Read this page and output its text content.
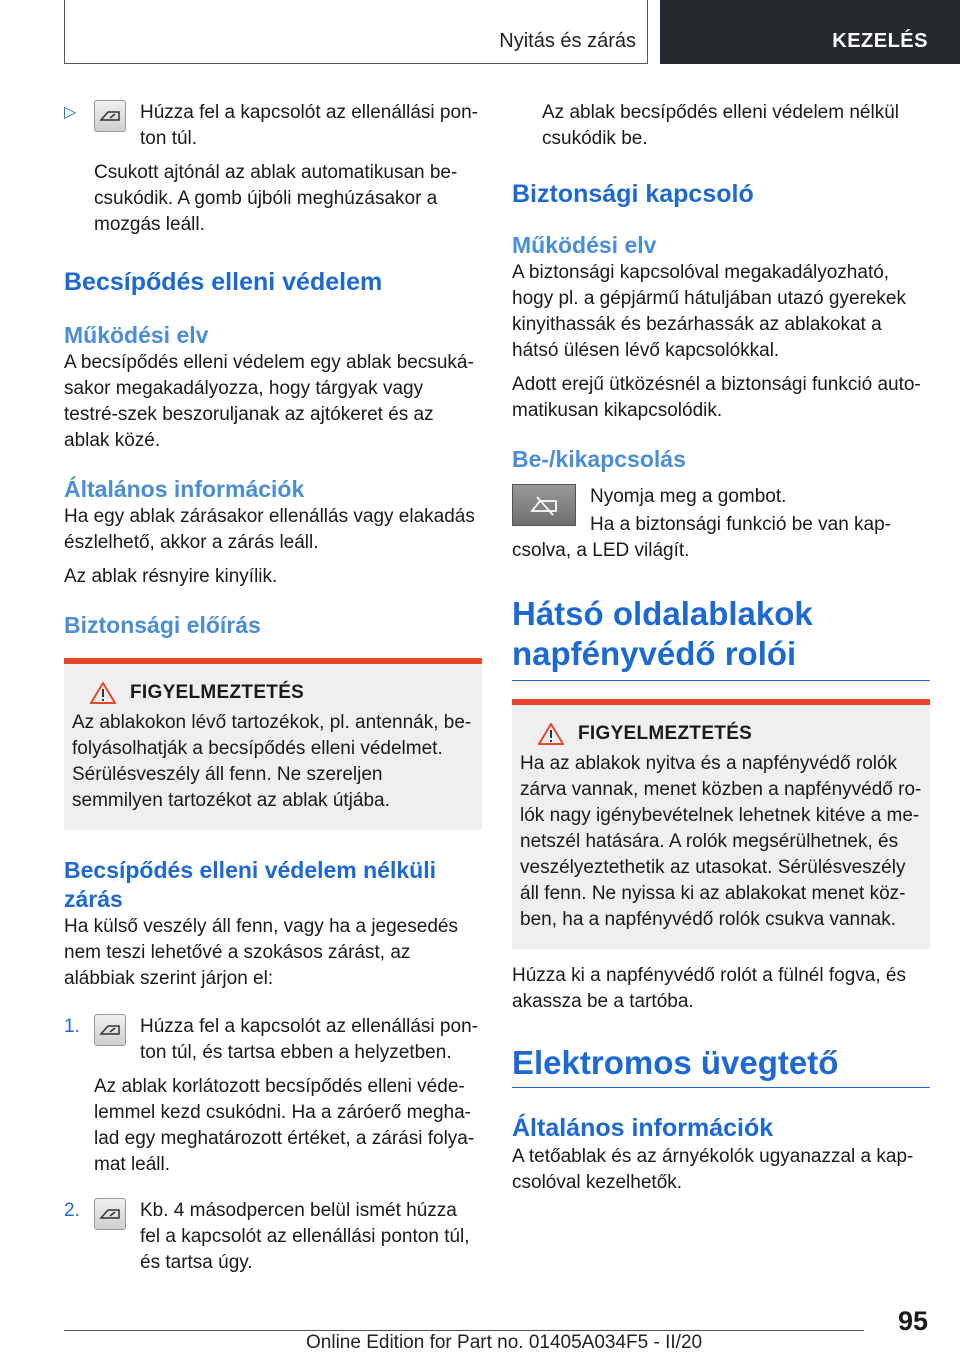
Nyitás és zárás	KEZELÉS
▷	Húzza fel a kapcsolót az ellenállási pon-ton túl.

Csukott ajtónál az ablak automatikusan be-csukódik. A gomb újbóli meghúzásakor a mozgás leáll.

Becsípődés elleni védelem
Működési elv

A becsípődés elleni védelem egy ablak becsuká-sakor megakadályozza, hogy tárgyak vagy testré-szek beszoruljanak az ajtókeret és az ablak közé.

Általános információk

Ha egy ablak zárásakor ellenállás vagy elakadás észlelhető, akkor a zárás leáll.

Az ablak résnyire kinyílik.

Biztonsági előírás
FIGYELMEZTETÉS

Az ablakokon lévő tartozékok, pl. antennák, be-folyásolhatják a becsípődés elleni védelmet. Sérülésveszély áll fenn. Ne szereljen semmilyen tartozékot az ablak útjába.

Becsípődés elleni védelem nélküli zárás

Ha külső veszély áll fenn, vagy ha a jegesedés nem teszi lehetővé a szokásos zárást, az alábbiak szerint járjon el:

1.	Húzza fel a kapcsolót az ellenállási pon-ton túl, és tartsa ebben a helyzetben.

Az ablak korlátozott becsípődés elleni véde-lemmel kezd csukódni. Ha a záróerő megha-lad egy meghatározott értéket, a zárási folya-mat leáll.

2.	Kb. 4 másodpercen belül ismét húzza fel a kapcsolót az ellenállási ponton túl, és tartsa úgy.

Az ablak becsípődés elleni védelem nélkül csukódik be.

Biztonsági kapcsoló
Működési elv

A biztonsági kapcsolóval megakadályozható, hogy pl. a gépjármű hátuljában utazó gyerekek kinyithassák és bezárhassák az ablakokat a hátsó ülésen lévő kapcsolókkal.

Adott erejű ütközésnél a biztonsági funkció auto-matikusan kikapcsolódik.

Be-/kikapcsolás

Nyomja meg a gombot.

Ha a biztonsági funkció be van kap-csolva, a LED világít.

Hátsó oldalablakok napfényvédő rolói
FIGYELMEZTETÉS

Ha az ablakok nyitva és a napfényvédő rolók zárva vannak, menet közben a napfényvédő ro-lók nagy igénybevételnek lehetnek kitéve a me-netszél hatására. A rolók megsérülhetnek, és veszélyeztethetik az utasokat. Sérülésveszély áll fenn. Ne nyissa ki az ablakokat menet köz-ben, ha a napfényvédő rolók csukva vannak.

Húzza ki a napfényvédő rolót a fülnél fogva, és akassza be a tartóba.

Elektromos üvegtető
Általános információk

A tetőablak és az árnyékolók ugyanazzal a kap-csolóval kezelhetők.

95
Online Edition for Part no. 01405A034F5 - II/20
